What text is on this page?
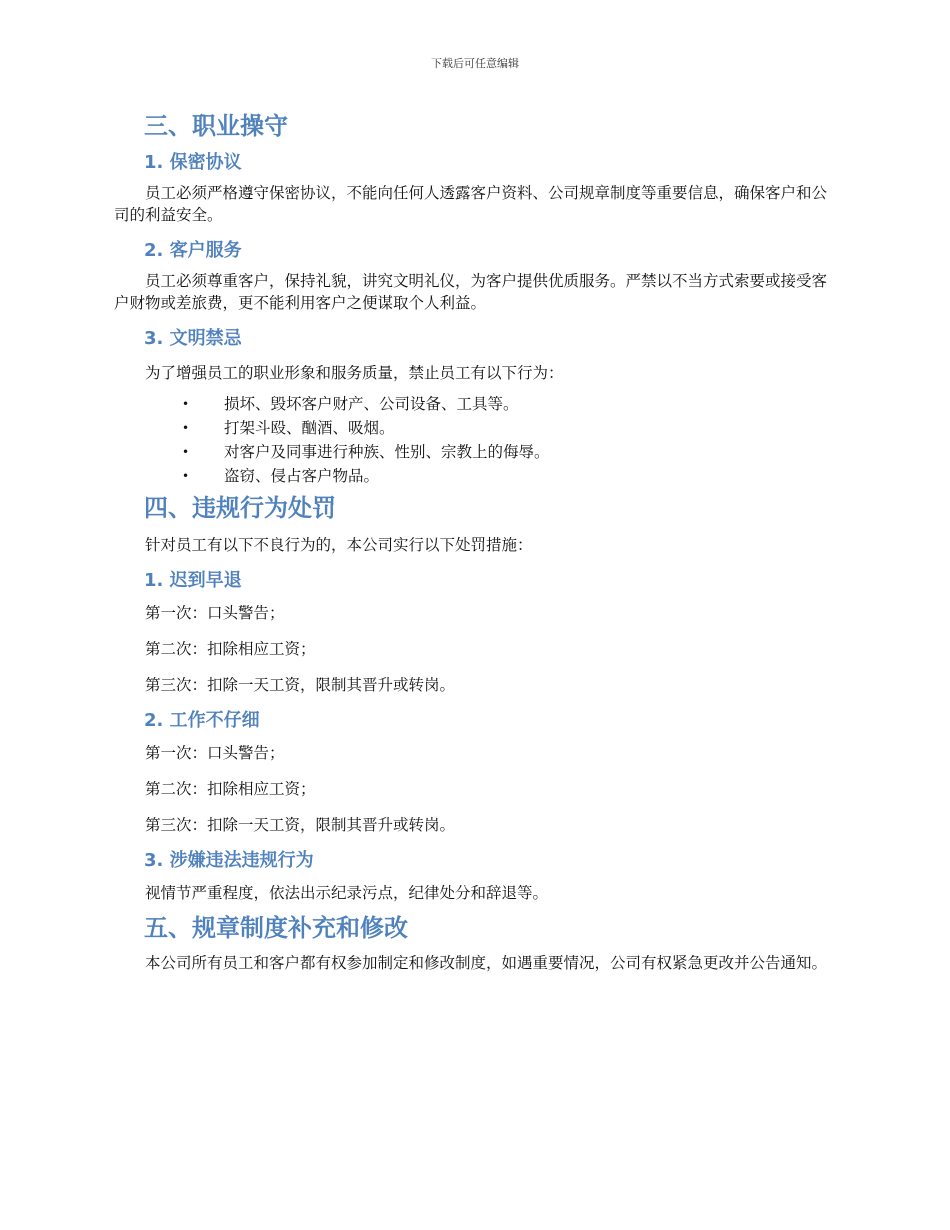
下载后可任意编辑
三、职业操守
1. 保密协议

员工必须严格遵守保密协议，不能向任何人透露客户资料、公司规章制度等重要信息，确保客户和公司的利益安全。

2. 客户服务

员工必须尊重客户，保持礼貌，讲究文明礼仪，为客户提供优质服务。严禁以不当方式索要或接受客户财物或差旅费，更不能利用客户之便谋取个人利益。

3. 文明禁忌

为了增强员工的职业形象和服务质量，禁止员工有以下行为：

• 损坏、毁坏客户财产、公司设备、工具等。
• 打架斗殴、酗酒、吸烟。
• 对客户及同事进行种族、性别、宗教上的侮辱。
• 盗窃、侵占客户物品。
四、违规行为处罚

针对员工有以下不良行为的，本公司实行以下处罚措施：

1. 迟到早退

第一次：口头警告；

第二次：扣除相应工资；

第三次：扣除一天工资，限制其晋升或转岗。

2. 工作不仔细

第一次：口头警告；

第二次：扣除相应工资；

第三次：扣除一天工资，限制其晋升或转岗。

3. 涉嫌违法违规行为

视情节严重程度，依法出示纪录污点，纪律处分和辞退等。

五、规章制度补充和修改

本公司所有员工和客户都有权参加制定和修改制度，如遇重要情况，公司有权紧急更改并公告通知。
